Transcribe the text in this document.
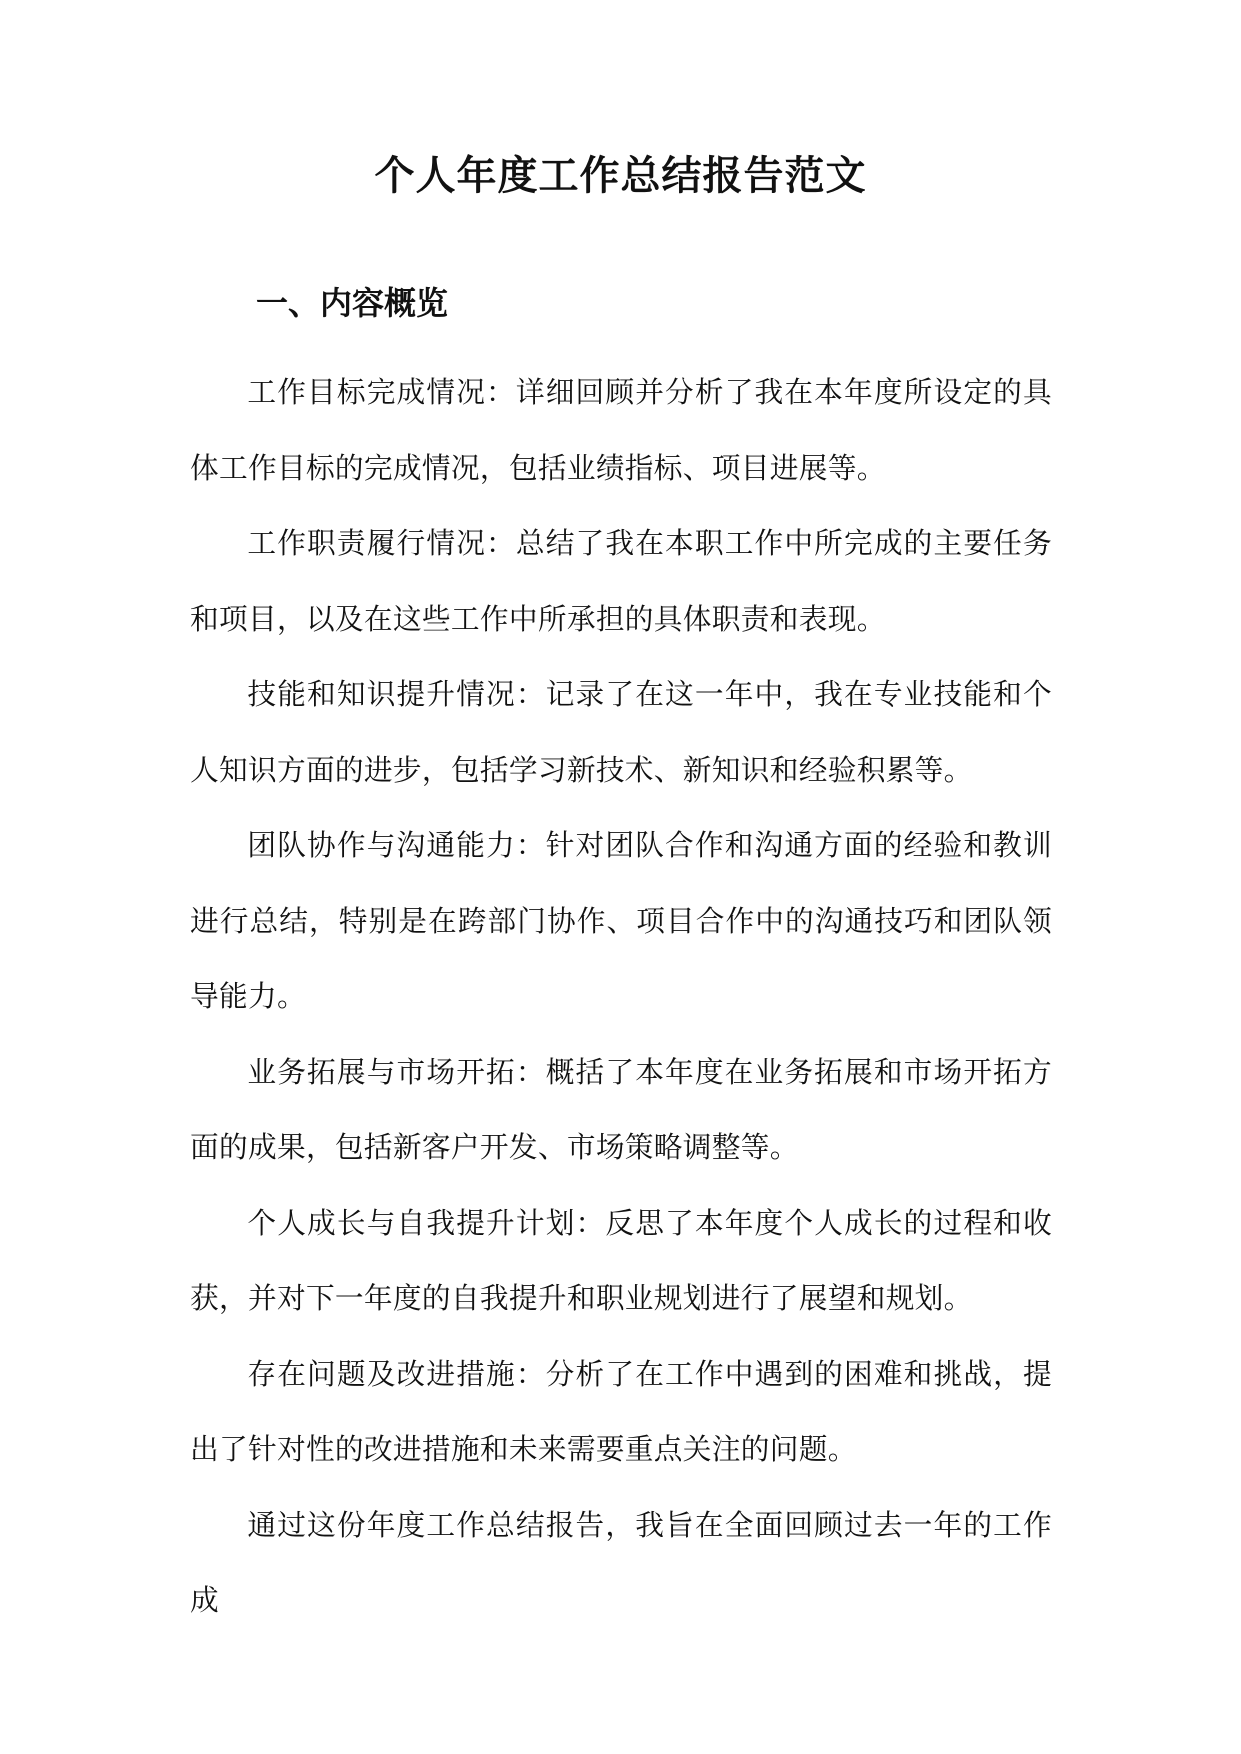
个人年度工作总结报告范文
一、内容概览

工作目标完成情况：详细回顾并分析了我在本年度所设定的具体工作目标的完成情况，包括业绩指标、项目进展等。

工作职责履行情况：总结了我在本职工作中所完成的主要任务和项目，以及在这些工作中所承担的具体职责和表现。

技能和知识提升情况：记录了在这一年中，我在专业技能和个人知识方面的进步，包括学习新技术、新知识和经验积累等。

团队协作与沟通能力：针对团队合作和沟通方面的经验和教训进行总结，特别是在跨部门协作、项目合作中的沟通技巧和团队领导能力。

业务拓展与市场开拓：概括了本年度在业务拓展和市场开拓方面的成果，包括新客户开发、市场策略调整等。

个人成长与自我提升计划：反思了本年度个人成长的过程和收获，并对下一年度的自我提升和职业规划进行了展望和规划。

存在问题及改进措施：分析了在工作中遇到的困难和挑战，提出了针对性的改进措施和未来需要重点关注的问题。

通过这份年度工作总结报告，我旨在全面回顾过去一年的工作成
